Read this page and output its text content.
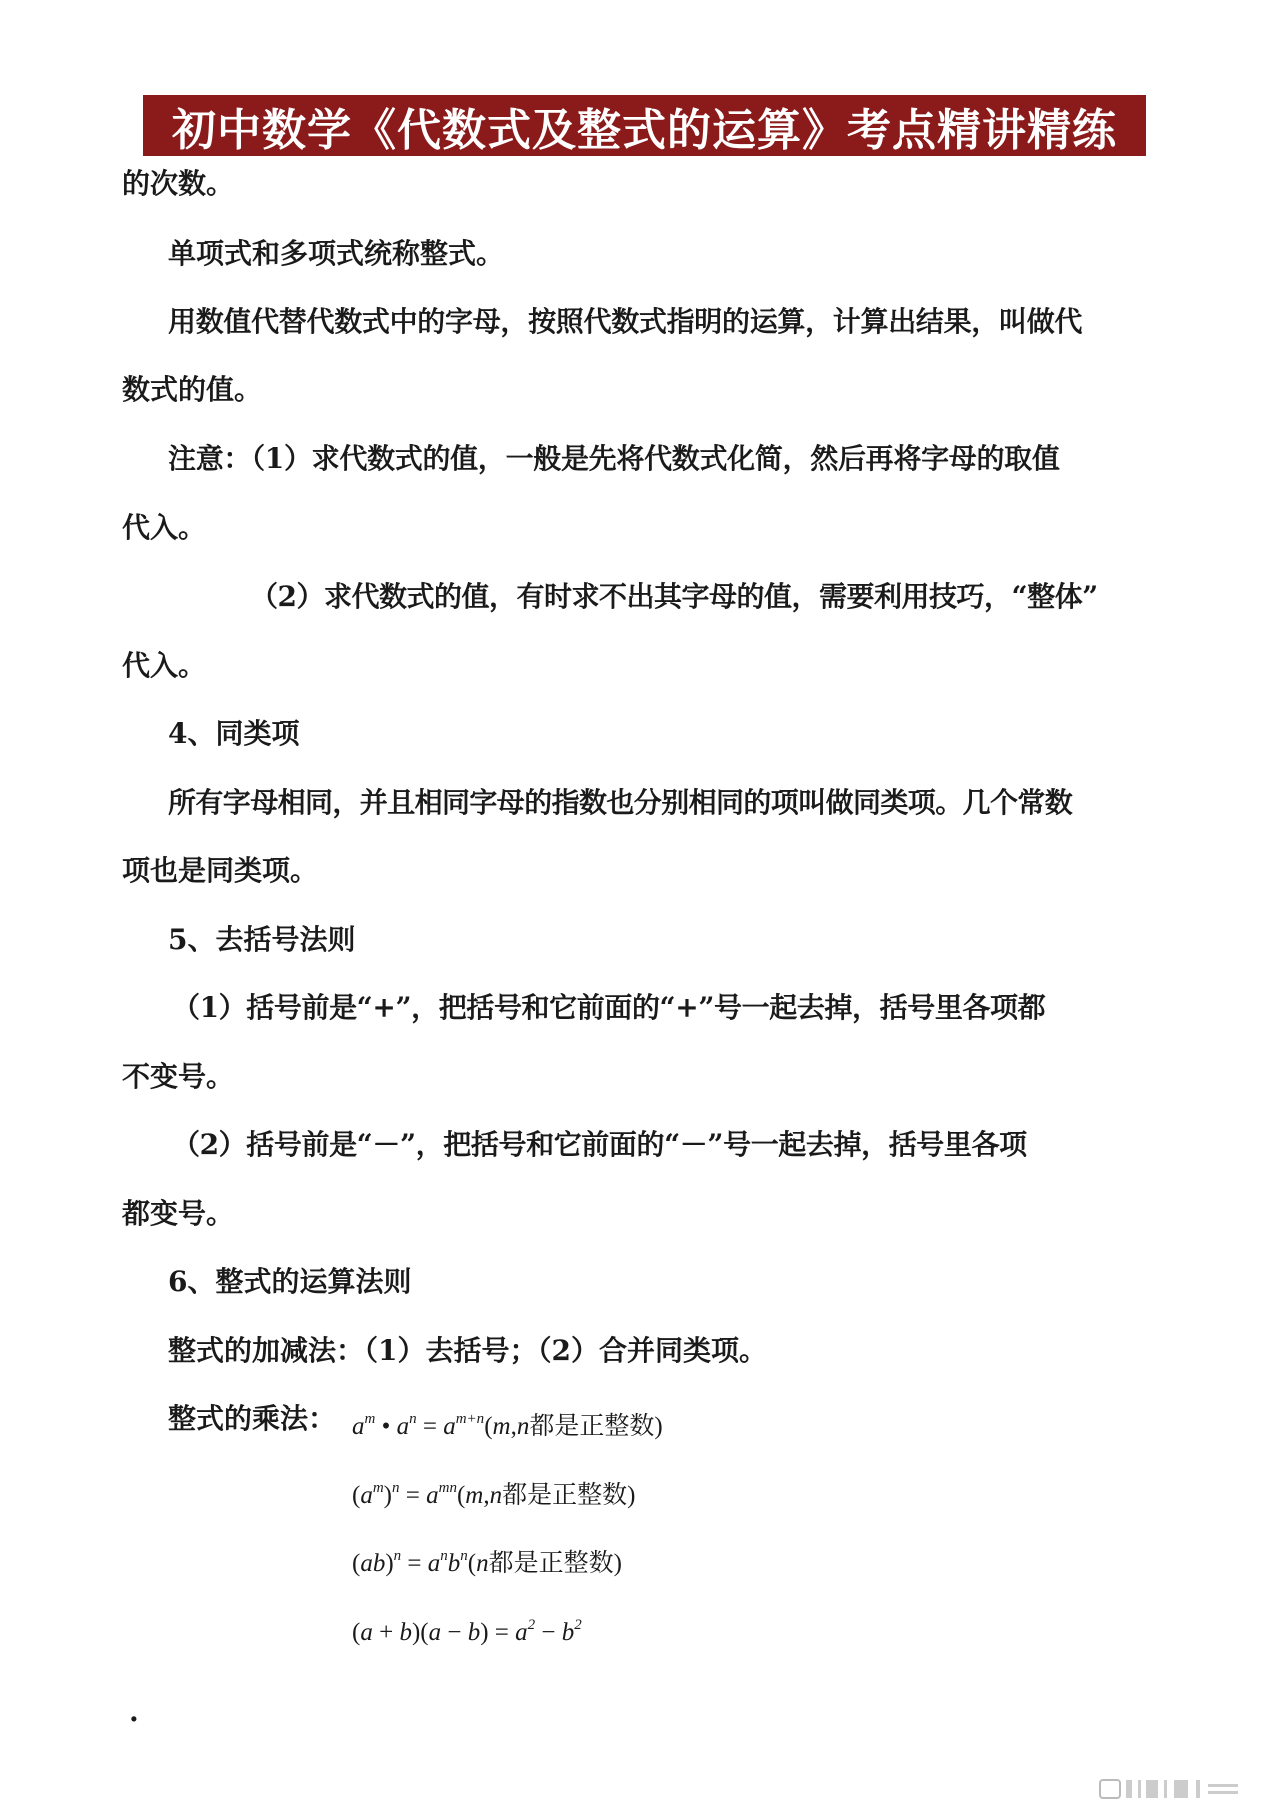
初中数学《代数式及整式的运算》考点精讲精练
的次数。
单项式和多项式统称整式。
用数值代替代数式中的字母，按照代数式指明的运算，计算出结果，叫做代
数式的值。
注意：（1）求代数式的值，一般是先将代数式化简，然后再将字母的取值
代入。
（2）求代数式的值，有时求不出其字母的值，需要利用技巧，“整体”
代入。
4、同类项
所有字母相同，并且相同字母的指数也分别相同的项叫做同类项。几个常数
项也是同类项。
5、去括号法则
（1）括号前是“+”，把括号和它前面的“+”号一起去掉，括号里各项都
不变号。
（2）括号前是“－”，把括号和它前面的“－”号一起去掉，括号里各项
都变号。
6、整式的运算法则
整式的加减法：（1）去括号；（2）合并同类项。
整式的乘法： $a^m$ • $a^n = a^{m+n}(m,n$都是正整数)
$(a^m)^n = a^{mn}(m,n$都是正整数)
$(ab)^n = a^nb^n(n$都是正整数)
$(a + b)(a - b) = a^2 - b^2$
.
